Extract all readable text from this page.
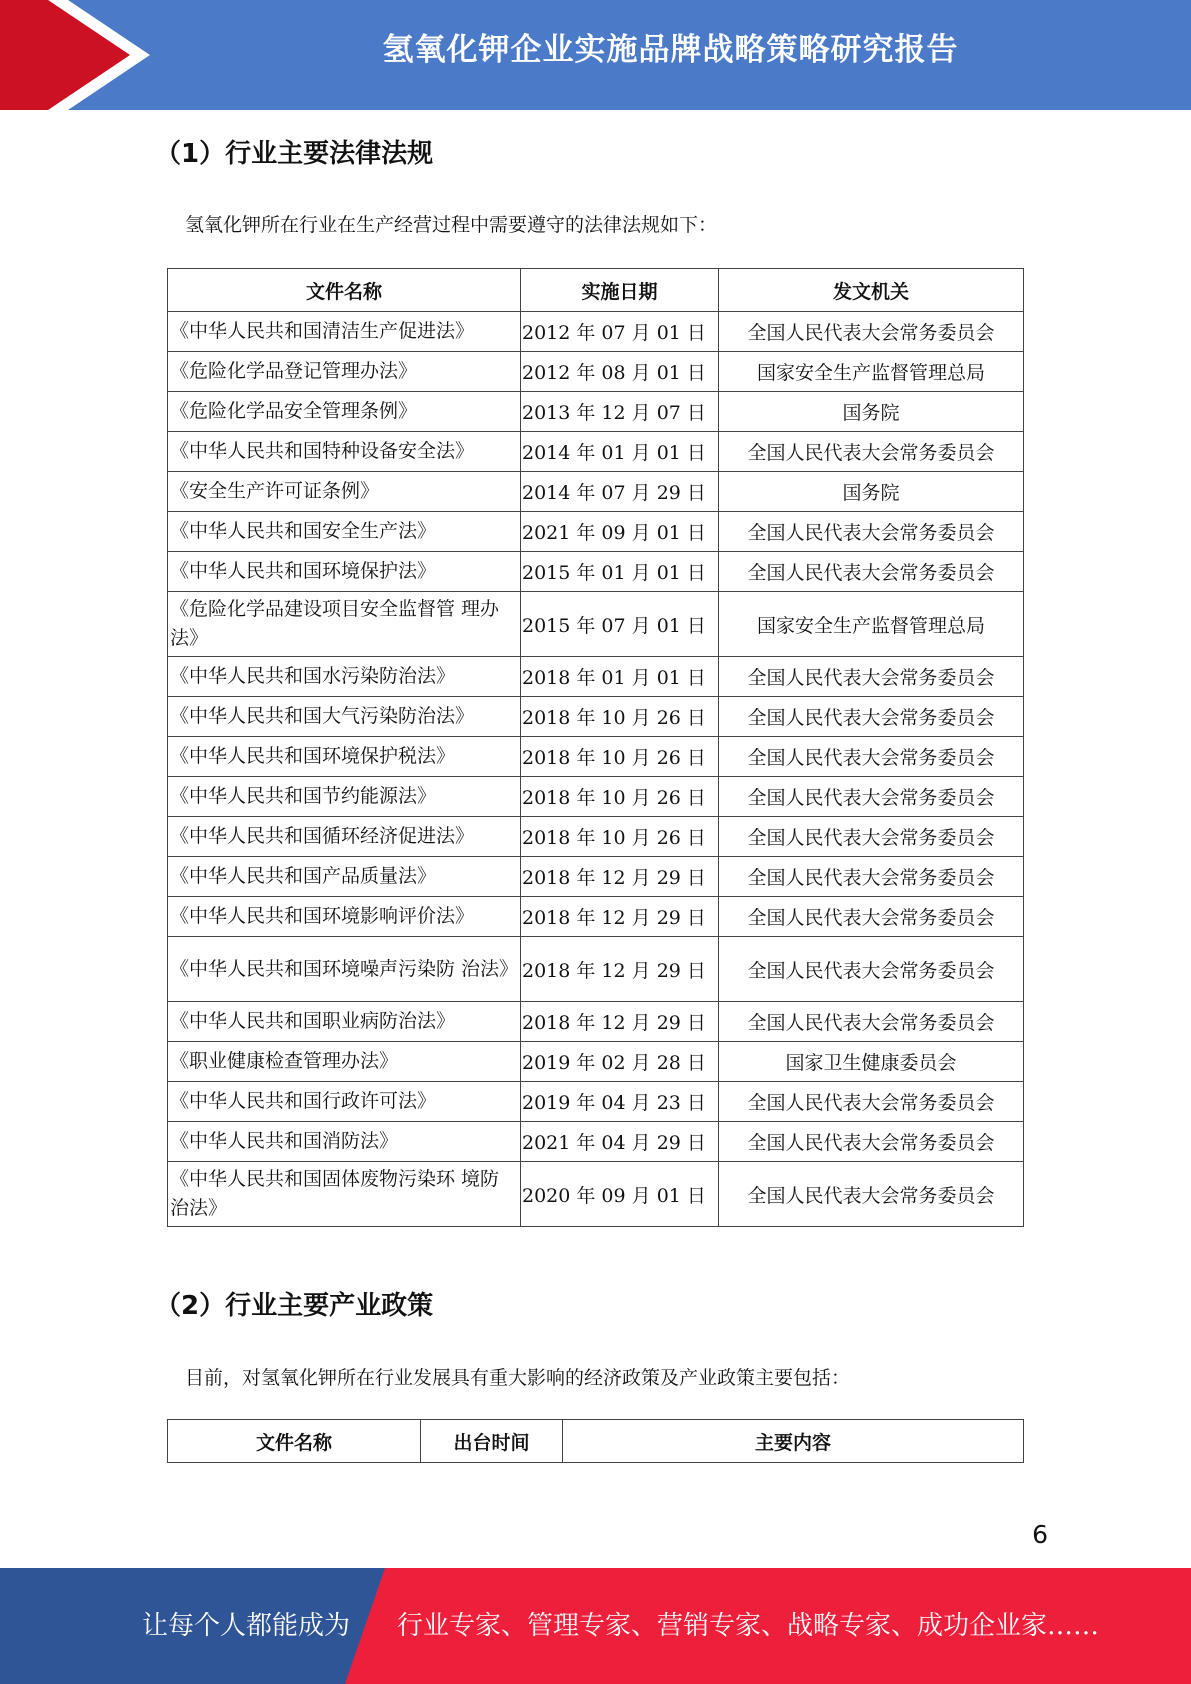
氢氧化钾企业实施品牌战略策略研究报告
（1）行业主要法律法规
氢氧化钾所在行业在生产经营过程中需要遵守的法律法规如下：
文件名称	实施日期	发文机关
《中华人民共和国清洁生产促进法》	2012 年 07 月 01 日	全国人民代表大会常务委员会
《危险化学品登记管理办法》	2012 年 08 月 01 日	国家安全生产监督管理总局
《危险化学品安全管理条例》	2013 年 12 月 07 日	国务院
《中华人民共和国特种设备安全法》	2014 年 01 月 01 日	全国人民代表大会常务委员会
《安全生产许可证条例》	2014 年 07 月 29 日	国务院
《中华人民共和国安全生产法》	2021 年 09 月 01 日	全国人民代表大会常务委员会
《中华人民共和国环境保护法》	2015 年 01 月 01 日	全国人民代表大会常务委员会
《危险化学品建设项目安全监督管 理办法》	2015 年 07 月 01 日	国家安全生产监督管理总局
《中华人民共和国水污染防治法》	2018 年 01 月 01 日	全国人民代表大会常务委员会
《中华人民共和国大气污染防治法》	2018 年 10 月 26 日	全国人民代表大会常务委员会
《中华人民共和国环境保护税法》	2018 年 10 月 26 日	全国人民代表大会常务委员会
《中华人民共和国节约能源法》	2018 年 10 月 26 日	全国人民代表大会常务委员会
《中华人民共和国循环经济促进法》	2018 年 10 月 26 日	全国人民代表大会常务委员会
《中华人民共和国产品质量法》	2018 年 12 月 29 日	全国人民代表大会常务委员会
《中华人民共和国环境影响评价法》	2018 年 12 月 29 日	全国人民代表大会常务委员会
《中华人民共和国环境噪声污染防 治法》	2018 年 12 月 29 日	全国人民代表大会常务委员会
《中华人民共和国职业病防治法》	2018 年 12 月 29 日	全国人民代表大会常务委员会
《职业健康检查管理办法》	2019 年 02 月 28 日	国家卫生健康委员会
《中华人民共和国行政许可法》	2019 年 04 月 23 日	全国人民代表大会常务委员会
《中华人民共和国消防法》	2021 年 04 月 29 日	全国人民代表大会常务委员会
《中华人民共和国固体废物污染环 境防治法》	2020 年 09 月 01 日	全国人民代表大会常务委员会
（2）行业主要产业政策
目前，对氢氧化钾所在行业发展具有重大影响的经济政策及产业政策主要包括：
文件名称	出台时间	主要内容
6
让每个人都能成为 行业专家、管理专家、营销专家、战略专家、成功企业家……
